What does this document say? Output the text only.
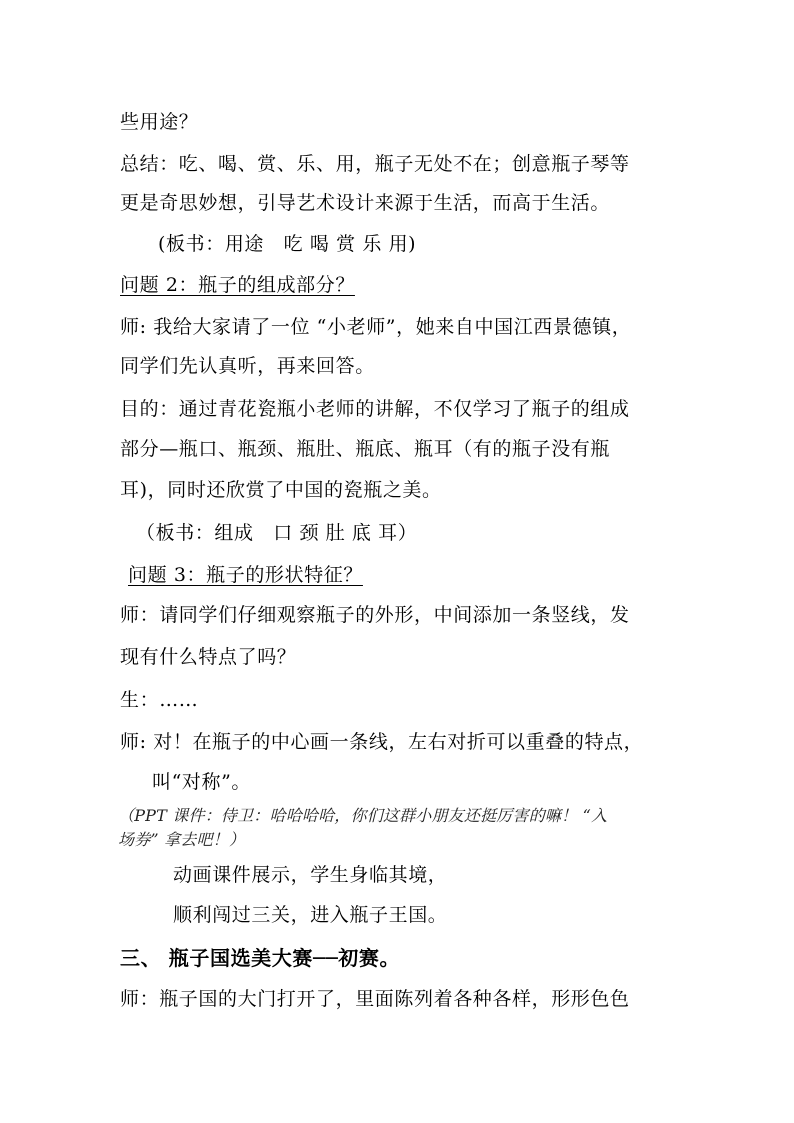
些用途？
总结：吃、喝、赏、乐、用，瓶子无处不在；创意瓶子琴等
更是奇思妙想，引导艺术设计来源于生活，而高于生活。
(板书：用途　吃 喝 赏 乐 用)
问题 2：瓶子的组成部分？
师: 我给大家请了一位 “小老师”，她来自中国江西景德镇，
同学们先认真听，再来回答。
目的：通过青花瓷瓶小老师的讲解，不仅学习了瓶子的组成
部分—瓶口、瓶颈、瓶肚、瓶底、瓶耳（有的瓶子没有瓶
耳)，同时还欣赏了中国的瓷瓶之美。
（板书：组成　口 颈 肚 底 耳）
问题 3：瓶子的形状特征？
师：请同学们仔细观察瓶子的外形，中间添加一条竖线，发
现有什么特点了吗？
生：……
师: 对！在瓶子的中心画一条线，左右对折可以重叠的特点，
叫“对称”。
（PPT 课件：侍卫：哈哈哈哈，你们这群小朋友还挺厉害的嘛！ “入
场券” 拿去吧！）
动画课件展示，学生身临其境，
顺利闯过三关，进入瓶子王国。
三、 瓶子国选美大赛──初赛。
师：瓶子国的大门打开了，里面陈列着各种各样，形形色色
